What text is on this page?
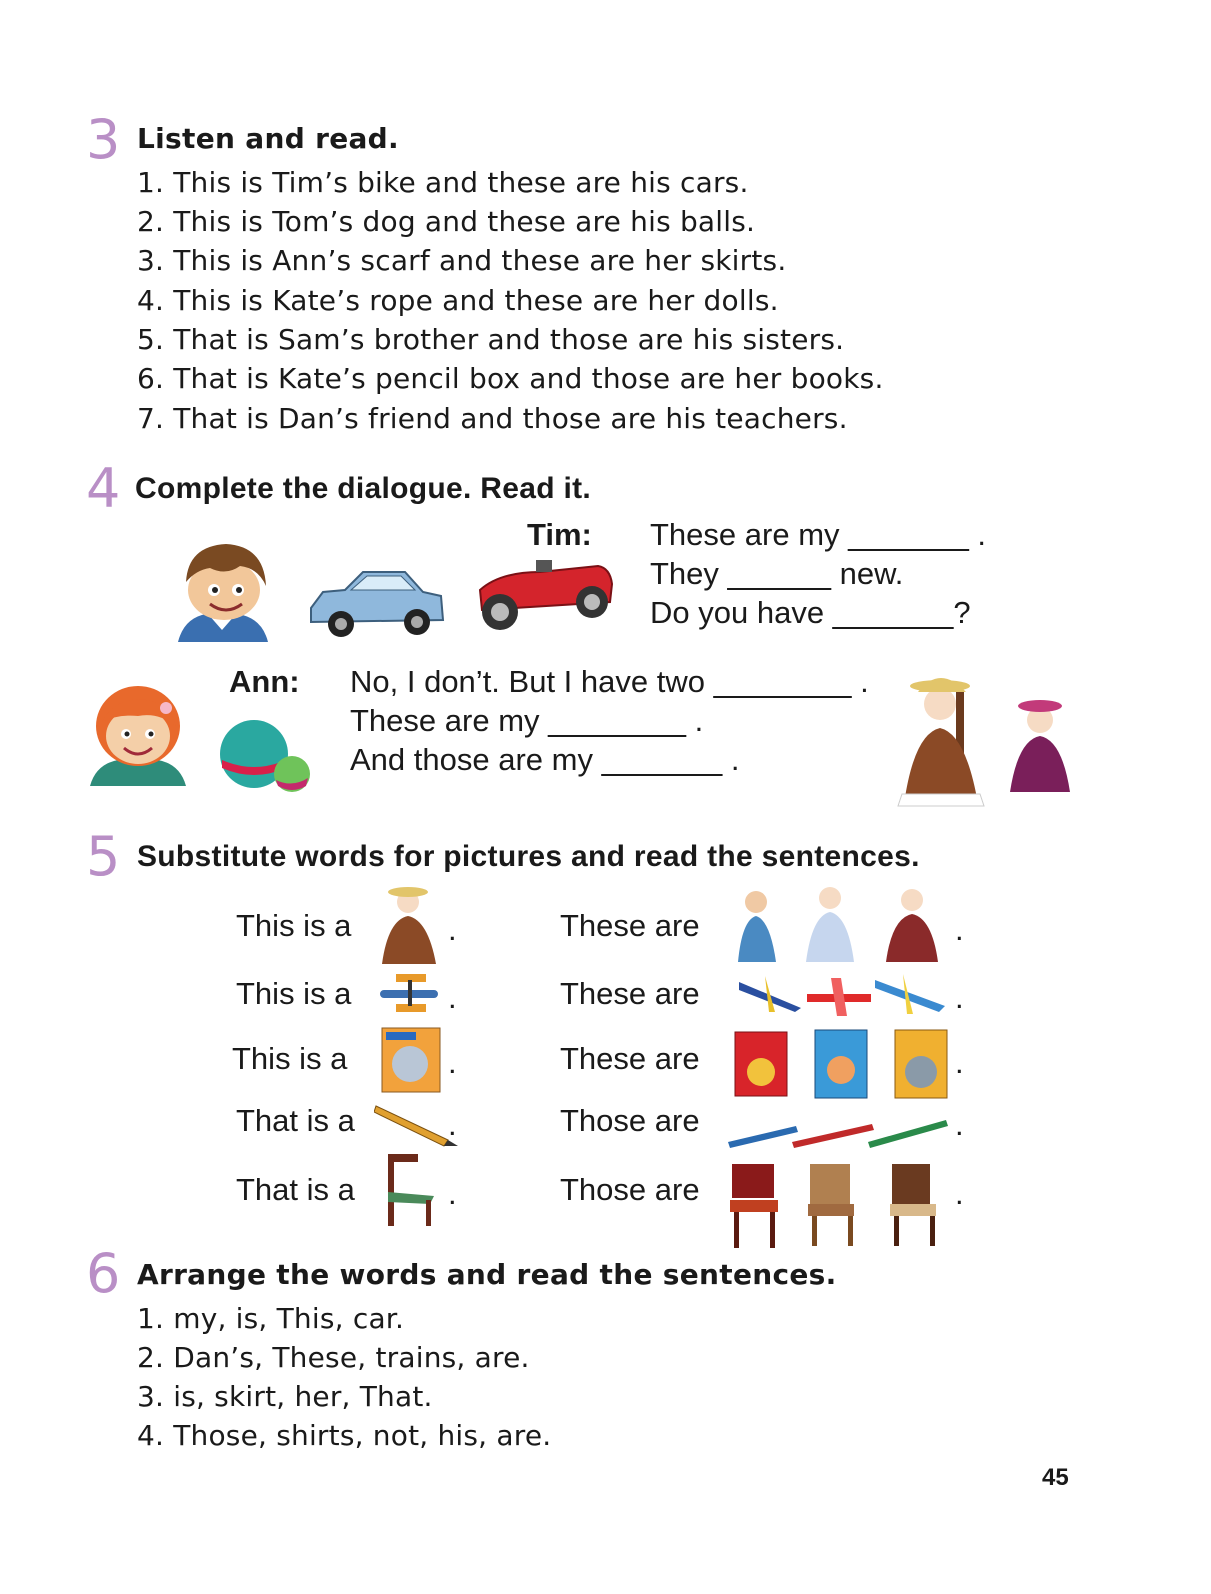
3 Listen and read.
1. This is Tim’s bike and these are his cars.
2. This is Tom’s dog and these are his balls.
3. This is Ann’s scarf and these are her skirts.
4. This is Kate’s rope and these are her dolls.
5. That is Sam’s brother and those are his sisters.
6. That is Kate’s pencil box and those are her books.
7. That is Dan’s friend and those are his teachers.
4 Complete the dialogue. Read it.
Tim: These are my _______ .
They ______ new.
Do you have _______?
Ann: No, I don’t. But I have two ________ .
These are my ________ .
And those are my _______ .
5 Substitute words for pictures and read the sentences.
This is a	.	These are	.
This is a	.	These are	.
This is a	.	These are	.
That is a	.	Those are	.
That is a	.	Those are	.
6 Arrange the words and read the sentences.
1. my, is, This, car.
2. Dan’s, These, trains, are.
3. is, skirt, her, That.
4. Those, shirts, not, his, are.
45
